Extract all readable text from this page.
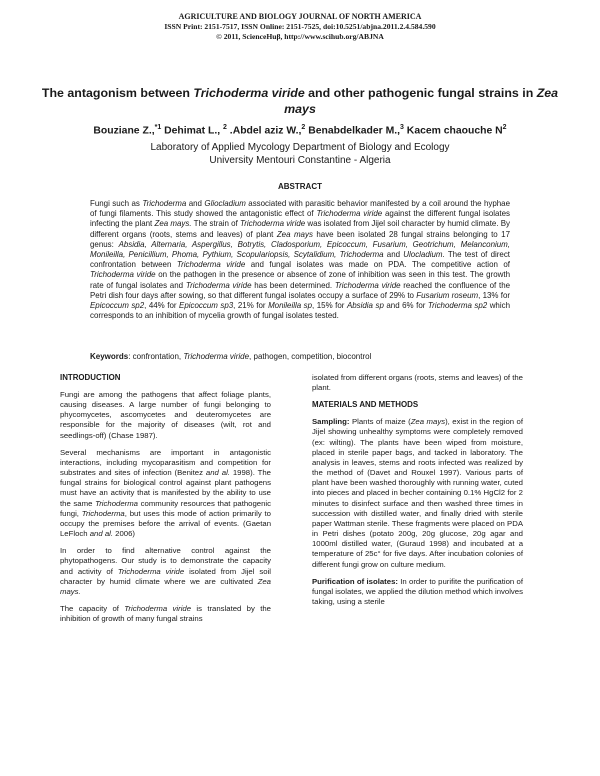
AGRICULTURE AND BIOLOGY JOURNAL OF NORTH AMERICA
ISSN Print: 2151-7517, ISSN Online: 2151-7525, doi:10.5251/abjna.2011.2.4.584.590
© 2011, ScienceHuβ, http://www.scihub.org/ABJNA
The antagonism between Trichoderma viride and other pathogenic fungal strains in Zea mays
Bouziane Z.,$^{*1}$ Dehimat L., $^2$ .Abdel aziz W.,$^2$ Benabdelkader M.,$^3$ Kacem chaouche $N^2$
Laboratory of Applied Mycology Department of Biology and Ecology
University Mentouri Constantine - Algeria
ABSTRACT
Fungi such as Trichoderma and Gliocladium associated with parasitic behavior manifested by a coil around the hyphae of fungi filaments. This study showed the antagonistic effect of Trichoderma viride against the different fungal isolates infecting the plant Zea mays. The strain of Trichoderma viride was isolated from Jijel soil character by humid climate. By different organs (roots, stems and leaves) of plant Zea mays have been isolated 28 fungal strains belonging to 17 genus: Absidia, Alternaria, Aspergillus, Botrytis, Cladosporium, Epicoccum, Fusarium, Geotrichum, Melanconium, Monileilla, Penicillium, Phoma, Pythium, Scopulariopsis, Scytalidium, Trichoderma and Ulocladium. The test of direct confrontation between Trichoderma viride and fungal isolates was made on PDA. The competitive action of Trichoderma viride on the pathogen in the presence or absence of zone of inhibition was seen in this test. The growth rate of fungal isolates and Trichoderma viride has been determined. Trichoderma viride reached the confluence of the Petri dish four days after sowing, so that different fungal isolates occupy a surface of 29% to Fusarium roseum, 13% for Epicoccum sp2, 44% for Epicoccum sp3, 21% for Monileilla sp, 15% for Absidia sp and 6% for Trichoderma sp2 which corresponds to an inhibition of mycelia growth of fungal isolates tested.
Keywords: confrontation, Trichoderma viride, pathogen, competition, biocontrol
INTRODUCTION

Fungi are among the pathogens that affect foliage plants, causing diseases. A large number of fungi belonging to phycomycetes, ascomycetes and deuteromycetes are responsible for the majority of diseases (wilt, rot and seedlings-off) (Chase 1987).

Several mechanisms are important in antagonistic interactions, including mycoparasitism and competition for substrates and sites of infection (Benitez and al. 1998). The fungal strains for biological control against plant pathogens must have an activity that is manifested by the ability to use the same Trichoderma community resources that pathogenic fungi, Trichoderma, but uses this mode of action primarily to occupy the premises before the arrival of events. (Gaetan LeFloch and al. 2006)

In order to find alternative control against the phytopathogens. Our study is to demonstrate the capacity and activity of Trichoderma viride isolated from Jijel soil character by humid climate where we are cultivated Zea mays.

The capacity of Trichoderma viride is translated by the inhibition of growth of many fungal strains

isolated from different organs (roots, stems and leaves) of the plant.

MATERIALS AND METHODS

Sampling: Plants of maize (Zea mays), exist in the region of Jijel showing unhealthy symptoms were completely removed (ex: wilting). The plants have been wiped from moisture, placed in sterile paper bags, and tacked in laboratory. The analysis in leaves, stems and roots infected was realized by the method of (Davet and Rouxel 1997). Various parts of plant have been washed thoroughly with running water, cuted into pieces and placed in becher containing 0.1% HgCl2 for 2 minutes to disinfect surface and then washed three times in succession with distilled water, and finally dried with sterile paper Wattman sterile. These fragments were placed on PDA in Petri dishes (potato 200g, 20g glucose, 20g agar and 1000ml distilled water, (Guraud 1998) and incubated at a temperature of 25c° for five days. After incubation colonies of different fungi grow on culture medium.

Purification of isolates: In order to purifite the purification of fungal isolates, we applied the dilution method which involves taking, using a sterile
